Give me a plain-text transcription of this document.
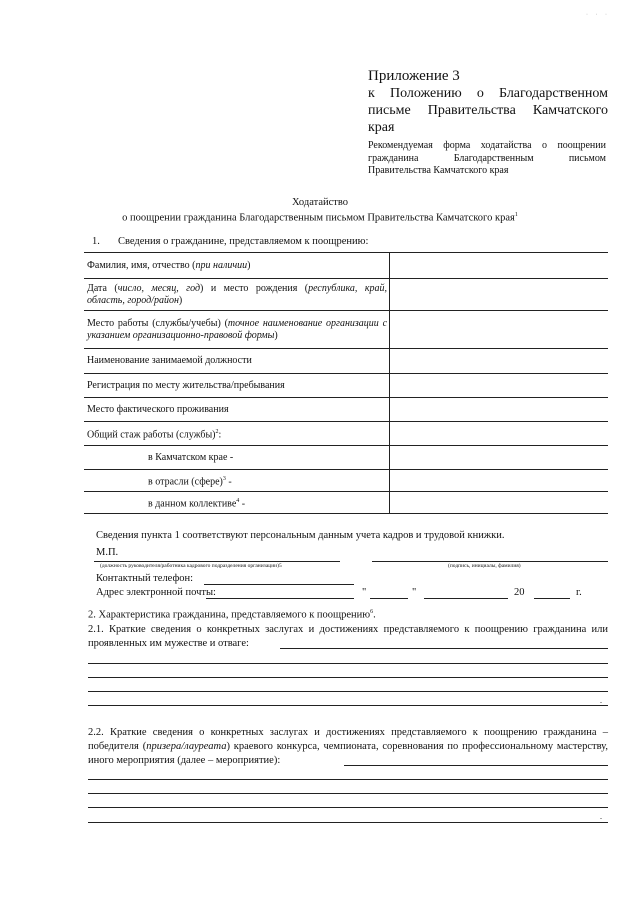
· · ·
Приложение 3
к Положению о Благодарственном
письме Правительства Камчатского
края
Рекомендуемая форма ходатайства о поощрении
гражданина Благодарственным письмом
Правительства Камчатского края
Ходатайство
о поощрении гражданина Благодарственным письмом Правительства Камчатского края$^1$
1. Сведения о гражданине, представляемом к поощрению:
Фамилия, имя, отчество (при наличии)	
Дата (число, месяц, год) и место рождения (республика, край, область, город/район)	
Место работы (службы/учебы) (точное наименование организации с указанием организационно-правовой формы)	
Наименование занимаемой должности	
Регистрация по месту жительства/пребывания	
Место фактического проживания	
Общий стаж работы (службы)$^2$:	
в Камчатском крае -	
в отрасли (сфере)$^3$ -	
в данном коллективе$^4$ -	
Сведения пункта 1 соответствуют персональным данным учета кадров и трудовой книжки.
М.П.
(должность руководителя/работника кадрового подразделения организации)5	(подпись, инициалы, фамилия)
Контактный телефон:
Адрес электронной почты:	"	"	20	г.
2. Характеристика гражданина, представляемого к поощрению$^6$.
2.1. Краткие сведения о конкретных заслугах и достижениях представляемого к поощрению гражданина или проявленных им мужестве и отваге:
.
2.2. Краткие сведения о конкретных заслугах и достижениях представляемого к поощрению гражданина – победителя (призера/лауреата) краевого конкурса, чемпионата, соревнования по профессиональному мастерству, иного мероприятия (далее – мероприятие):
.
